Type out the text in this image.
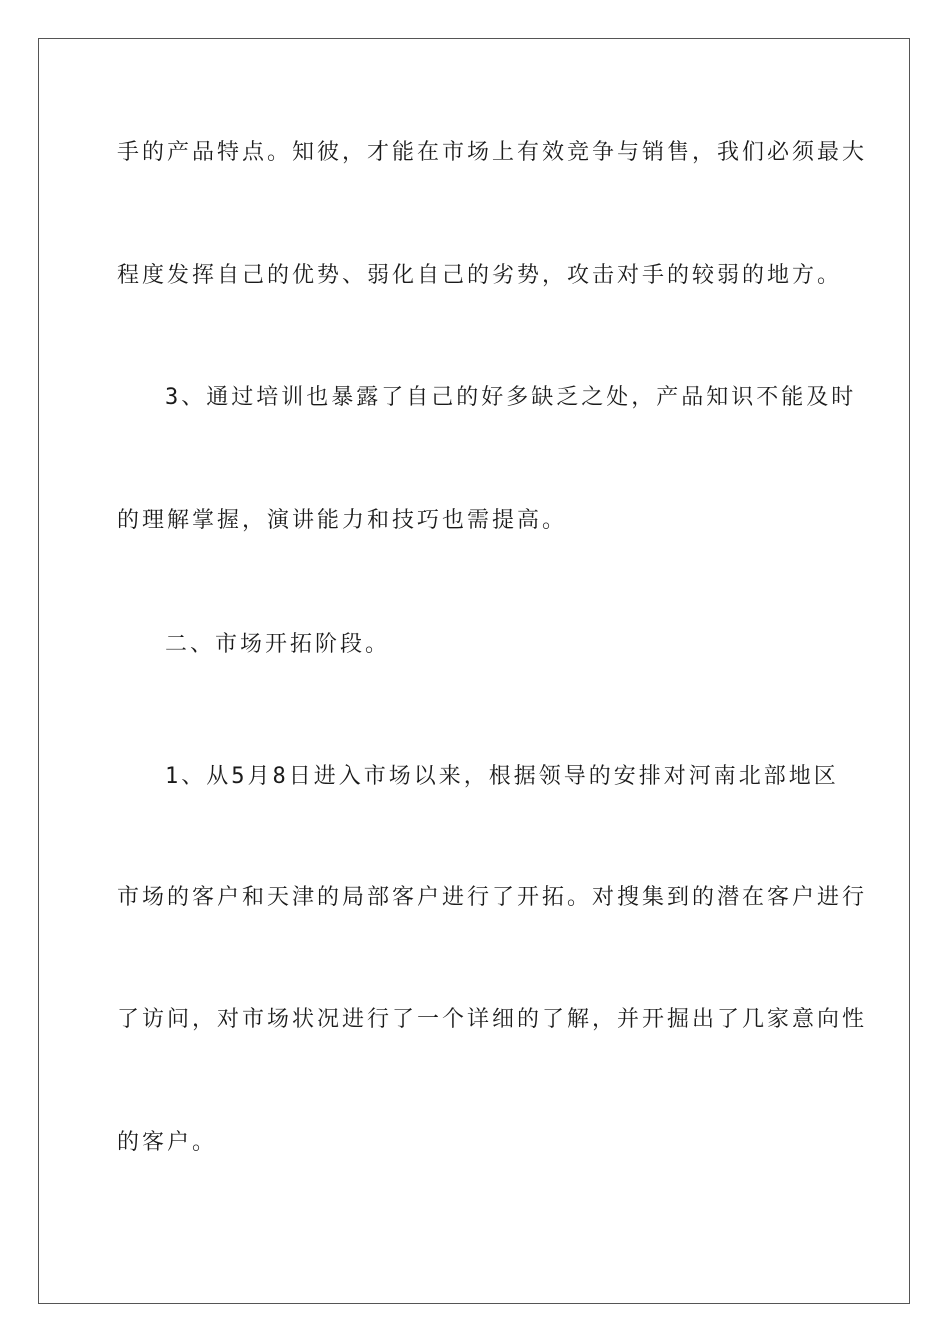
手的产品特点。知彼，才能在市场上有效竞争与销售，我们必须最大
程度发挥自己的优势、弱化自己的劣势，攻击对手的较弱的地方。
3、通过培训也暴露了自己的好多缺乏之处，产品知识不能及时
的理解掌握，演讲能力和技巧也需提高。
二、市场开拓阶段。
1、从5月8日进入市场以来，根据领导的安排对河南北部地区
市场的客户和天津的局部客户进行了开拓。对搜集到的潜在客户进行
了访问，对市场状况进行了一个详细的了解，并开掘出了几家意向性
的客户。
